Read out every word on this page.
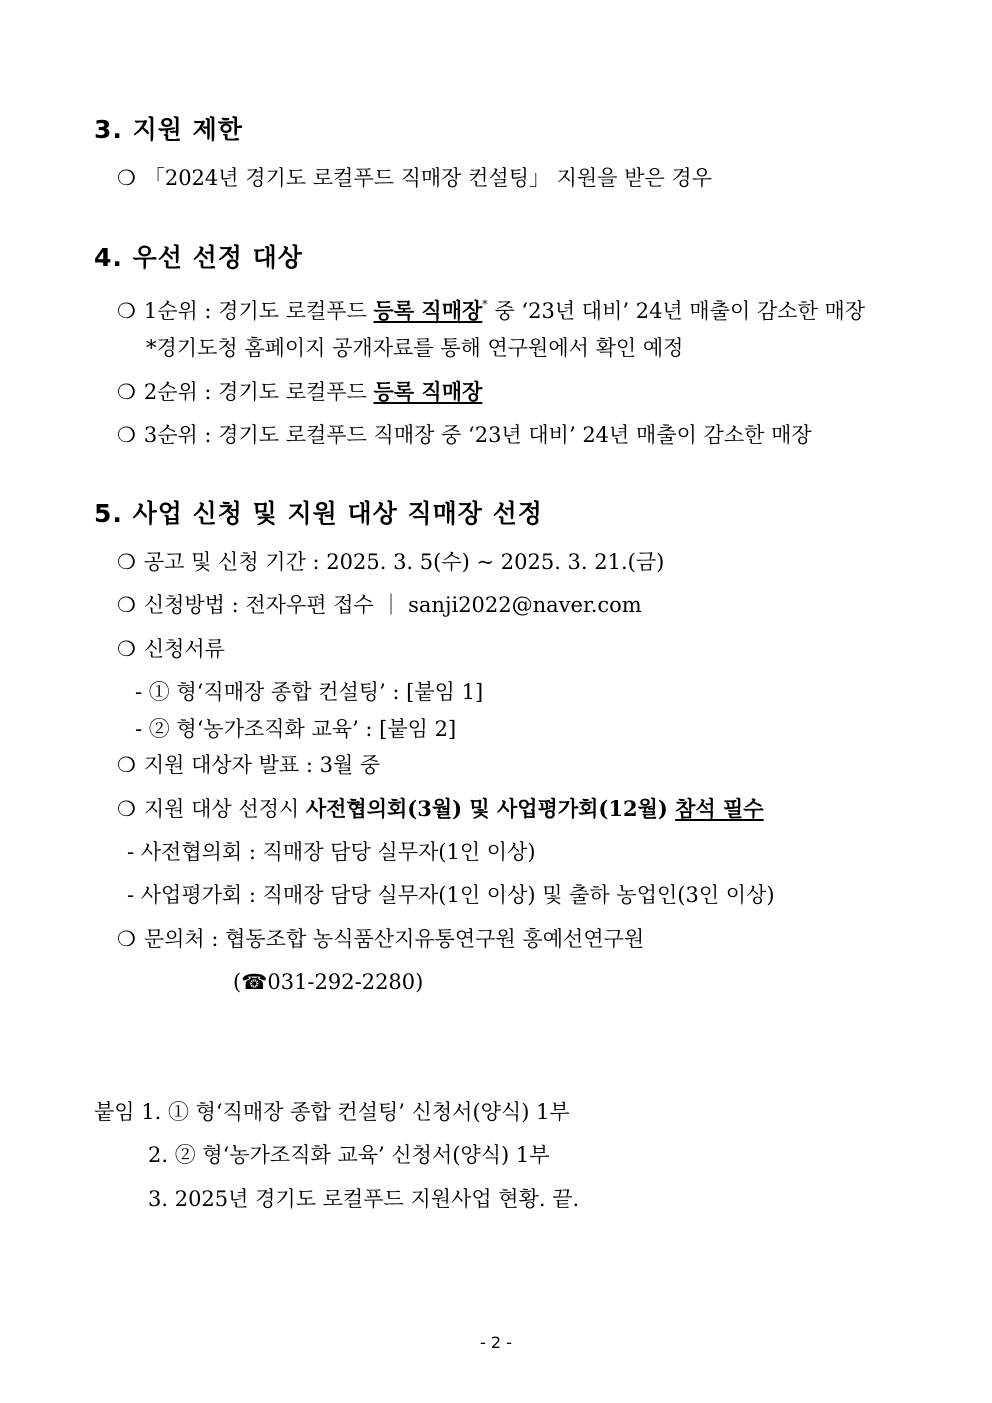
3. 지원 제한
❍ 「2024년 경기도 로컬푸드 직매장 컨설팅」 지원을 받은 경우
4. 우선 선정 대상
❍ 1순위 : 경기도 로컬푸드 등록 직매장* 중 ‘23년 대비’ 24년 매출이 감소한 매장
*경기도청 홈페이지 공개자료를 통해 연구원에서 확인 예정
❍ 2순위 : 경기도 로컬푸드 등록 직매장
❍ 3순위 : 경기도 로컬푸드 직매장 중 ‘23년 대비’ 24년 매출이 감소한 매장
5. 사업 신청 및 지원 대상 직매장 선정
❍ 공고 및 신청 기간 : 2025. 3. 5(수) ~ 2025. 3. 21.(금)
❍ 신청방법 : 전자우편 접수 ｜ sanji2022@naver.com
❍ 신청서류
- ① 형‘직매장 종합 컨설팅’ : [붙임 1]
- ② 형‘농가조직화 교육’ : [붙임 2]
❍ 지원 대상자 발표 : 3월 중
❍ 지원 대상 선정시 사전협의회(3월) 및 사업평가회(12월) 참석 필수
- 사전협의회 : 직매장 담당 실무자(1인 이상)
- 사업평가회 : 직매장 담당 실무자(1인 이상) 및 출하 농업인(3인 이상)
❍ 문의처 : 협동조합 농식품산지유통연구원 홍예선연구원
(☎031-292-2280)
붙임 1. ① 형‘직매장 종합 컨설팅’ 신청서(양식) 1부
2. ② 형‘농가조직화 교육’ 신청서(양식) 1부
3. 2025년 경기도 로컬푸드 지원사업 현황. 끝.
- 2 -
